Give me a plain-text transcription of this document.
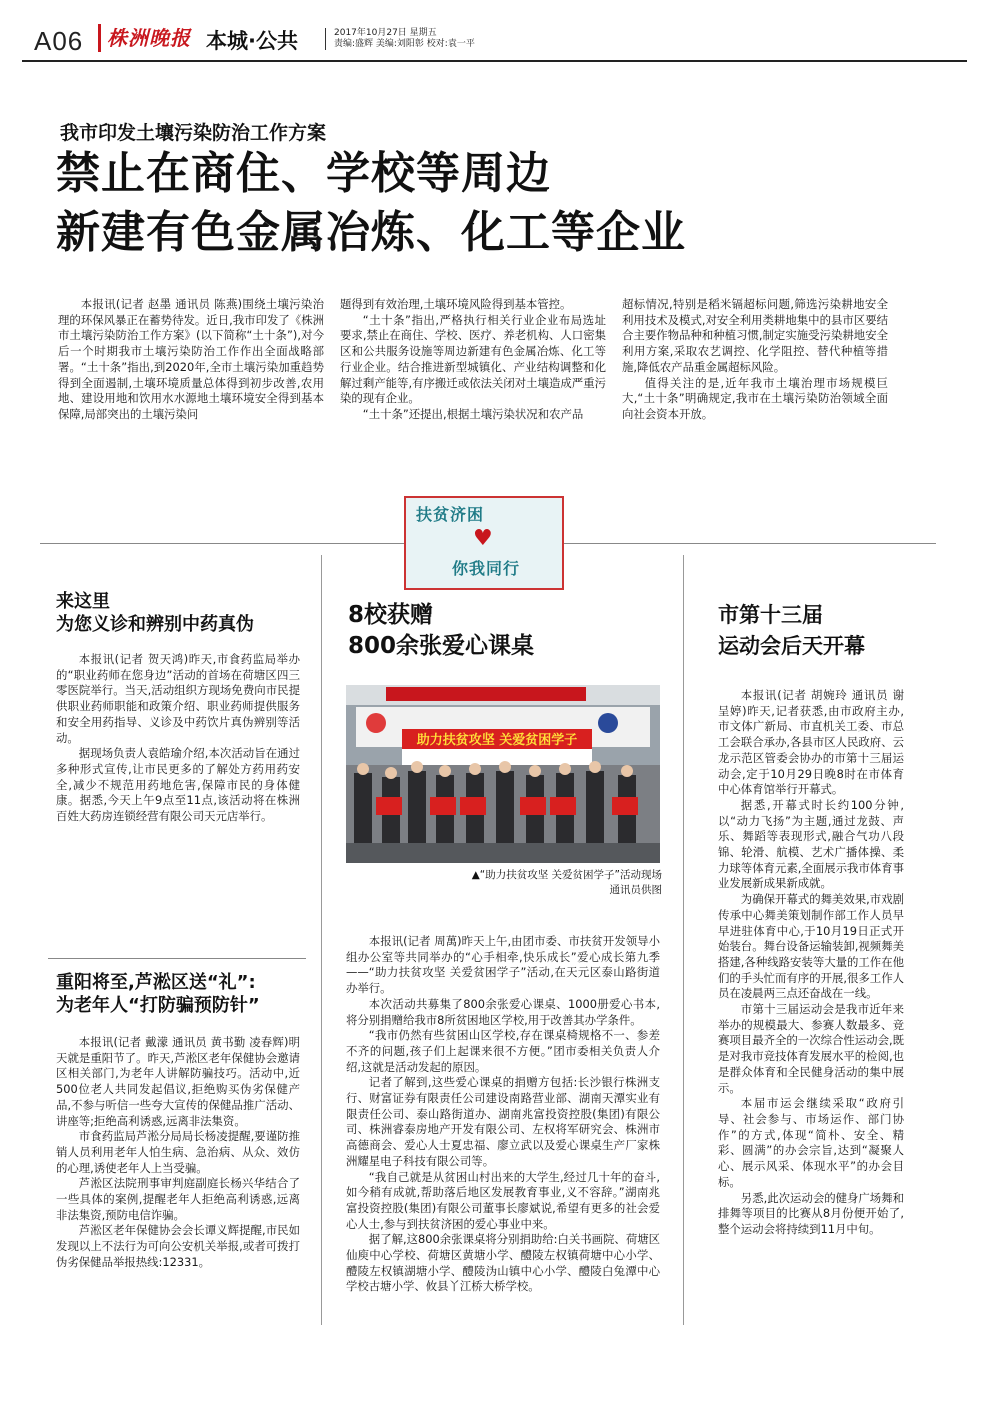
A06 株洲晚报 本城·公共	2017年10月27日 星期五
责编:盛辉 美编:刘阳彰 校对:袁一平
我市印发土壤污染防治工作方案
禁止在商住、学校等周边
新建有色金属冶炼、化工等企业

本报讯(记者 赵墨 通讯员 陈燕)围绕土壤污染治理的环保风暴正在蓄势待发。近日,我市印发了《株洲市土壤污染防治工作方案》(以下简称“土十条”),对今后一个时期我市土壤污染防治工作作出全面战略部署。“土十条”指出,到2020年,全市土壤污染加重趋势得到全面遏制,土壤环境质量总体得到初步改善,农用地、建设用地和饮用水水源地土壤环境安全得到基本保障,局部突出的土壤污染问

题得到有效治理,土壤环境风险得到基本管控。

“土十条”指出,严格执行相关行业企业布局选址要求,禁止在商住、学校、医疗、养老机构、人口密集区和公共服务设施等周边新建有色金属冶炼、化工等行业企业。结合推进新型城镇化、产业结构调整和化解过剩产能等,有序搬迁或依法关闭对土壤造成严重污染的现有企业。

“土十条”还提出,根据土壤污染状况和农产品

超标情况,特别是稻米镉超标问题,筛选污染耕地安全利用技术及模式,对安全利用类耕地集中的县市区要结合主要作物品种和种植习惯,制定实施受污染耕地安全利用方案,采取农艺调控、化学阻控、替代种植等措施,降低农产品重金属超标风险。

值得关注的是,近年我市土壤治理市场规模巨大,“土十条”明确规定,我市在土壤污染防治领域全面向社会资本开放。

扶贫济困
♥
你我同行
来这里
为您义诊和辨别中药真伪

本报讯(记者 贺天鸿)昨天,市食药监局举办的“职业药师在您身边”活动的首场在荷塘区四三零医院举行。当天,活动组织方现场免费向市民提供职业药师职能和政策介绍、职业药师提供服务和安全用药指导、义诊及中药饮片真伪辨别等活动。

据现场负责人袁皓瑜介绍,本次活动旨在通过多种形式宣传,让市民更多的了解处方药用药安全,减少不规范用药地危害,保障市民的身体健康。据悉,今天上午9点至11点,该活动将在株洲百姓大药房连锁经营有限公司天元店举行。

重阳将至,芦淞区送“礼”:
为老年人“打防骗预防针”

本报讯(记者 戴濛 通讯员 黄书勤 凌春辉)明天就是重阳节了。昨天,芦淞区老年保健协会邀请区相关部门,为老年人讲解防骗技巧。活动中,近500位老人共同发起倡议,拒绝购买伪劣保健产品,不参与听信一些夸大宣传的保健品推广活动、讲座等;拒绝高利诱惑,远离非法集资。

市食药监局芦淞分局局长杨凌提醒,要谨防推销人员利用老年人怕生病、急治病、从众、效仿的心理,诱使老年人上当受骗。

芦淞区法院刑事审判庭副庭长杨兴华结合了一些具体的案例,提醒老年人拒绝高利诱惑,远离非法集资,预防电信诈骗。

芦淞区老年保健协会会长谭义辉提醒,市民如发现以上不法行为可向公安机关举报,或者可拨打伪劣保健品举报热线:12331。

8校获赠
800余张爱心课桌
助力扶贫攻坚 关爱贫困学子
▲“助力扶贫攻坚 关爱贫困学子”活动现场
通讯员供图

本报讯(记者 周萬)昨天上午,由团市委、市扶贫开发领导小组办公室等共同举办的“心手相牵,快乐成长”爱心成长第九季——“助力扶贫攻坚 关爱贫困学子”活动,在天元区泰山路街道办举行。

本次活动共募集了800余张爱心课桌、1000册爱心书本,将分别捐赠给我市8所贫困地区学校,用于改善其办学条件。

“我市仍然有些贫困山区学校,存在课桌椅规格不一、参差不齐的问题,孩子们上起课来很不方便。”团市委相关负责人介绍,这就是活动发起的原因。

记者了解到,这些爱心课桌的捐赠方包括:长沙银行株洲支行、财富证券有限责任公司建设南路营业部、湖南天潭实业有限责任公司、泰山路街道办、湖南兆富投资控股(集团)有限公司、株洲睿泰房地产开发有限公司、左权将军研究会、株洲市高德商会、爱心人士夏忠福、廖立武以及爱心课桌生产厂家株洲耀星电子科技有限公司等。

“我自己就是从贫困山村出来的大学生,经过几十年的奋斗,如今稍有成就,帮助落后地区发展教育事业,义不容辞。”湖南兆富投资控股(集团)有限公司董事长廖斌说,希望有更多的社会爱心人士,参与到扶贫济困的爱心事业中来。

据了解,这800余张课桌将分别捐助给:白关书画院、荷塘区仙庾中心学校、荷塘区黄塘小学、醴陵左权镇荷塘中心小学、醴陵左权镇湖塘小学、醴陵沩山镇中心小学、醴陵白兔潭中心学校古塘小学、攸县丫江桥大桥学校。

市第十三届
运动会后天开幕

本报讯(记者 胡婉玲 通讯员 谢呈婷)昨天,记者获悉,由市政府主办,市文体广新局、市直机关工委、市总工会联合承办,各县市区人民政府、云龙示范区管委会协办的市第十三届运动会,定于10月29日晚8时在市体育中心体育馆举行开幕式。

据悉,开幕式时长约100分钟,以“动力飞扬”为主题,通过龙鼓、声乐、舞蹈等表现形式,融合气功八段锦、轮滑、航模、艺术广播体操、柔力球等体育元素,全面展示我市体育事业发展新成果新成就。

为确保开幕式的舞美效果,市戏剧传承中心舞美策划制作部工作人员早早进驻体育中心,于10月19日正式开始装台。舞台设备运输装卸,视频舞美搭建,各种线路安装等大量的工作在他们的手头忙而有序的开展,很多工作人员在凌晨两三点还奋战在一线。

市第十三届运动会是我市近年来举办的规模最大、参赛人数最多、竞赛项目最齐全的一次综合性运动会,既是对我市竞技体育发展水平的检阅,也是群众体育和全民健身活动的集中展示。

本届市运会继续采取“政府引导、社会参与、市场运作、部门协作”的方式,体现“简朴、安全、精彩、圆满”的办会宗旨,达到“凝聚人心、展示风采、体现水平”的办会目标。

另悉,此次运动会的健身广场舞和排舞等项目的比赛从8月份便开始了,整个运动会将持续到11月中旬。
